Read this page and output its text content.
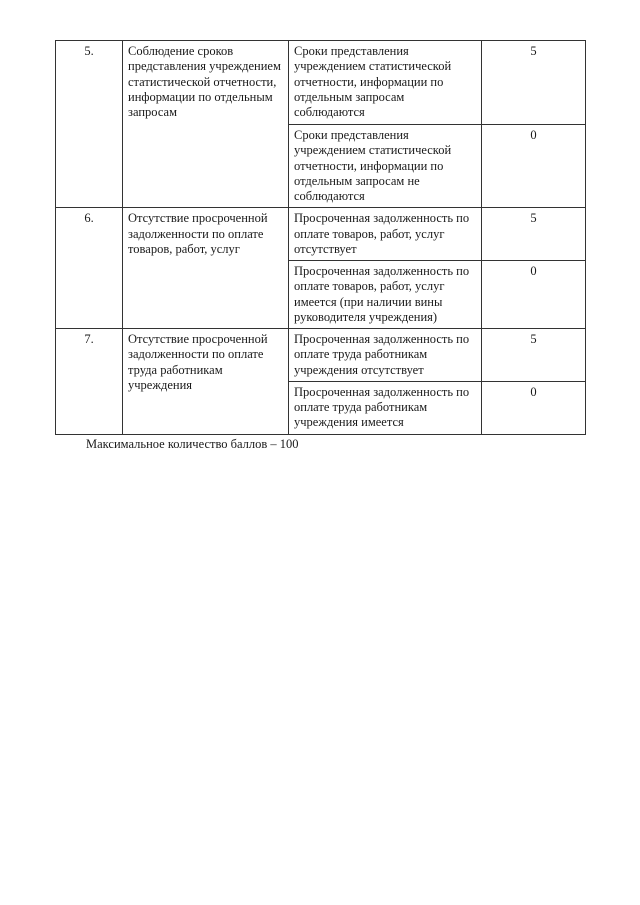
5.	Соблюдение сроков представления учреждением статистической отчетности, информации по отдельным запросам	Сроки представления учреждением статистической отчетности, информации по отдельным запросам соблюдаются	5
		Сроки представления учреждением статистической отчетности, информации по отдельным запросам не соблюдаются	0
6.	Отсутствие просроченной задолженности по оплате товаров, работ, услуг	Просроченная задолженность по оплате товаров, работ, услуг отсутствует	5
		Просроченная задолженность по оплате товаров, работ, услуг имеется (при наличии вины руководителя учреждения)	0
7.	Отсутствие просроченной задолженности по оплате труда работникам учреждения	Просроченная задолженность по оплате труда работникам учреждения отсутствует	5
		Просроченная задолженность по оплате труда работникам учреждения имеется	0
Максимальное количество баллов – 100
